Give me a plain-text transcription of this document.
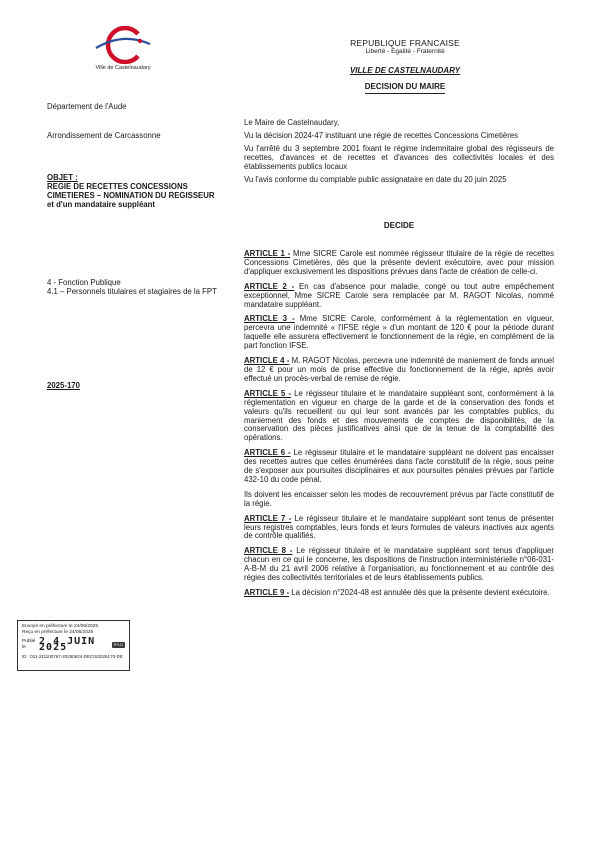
Ville de Castelnaudary
REPUBLIQUE FRANCAISE
Liberté - Egalité - Fraternité
..........
VILLE DE CASTELNAUDARY
DECISION DU MAIRE
Département de l'Aude
Arrondissement de Carcassonne
OBJET :
REGIE DE RECETTES CONCESSIONS CIMETIERES – NOMINATION DU REGISSEUR et d'un mandataire suppléant
4 - Fonction Publique
4.1 – Personnels titulaires et stagiaires de la FPT
2025-170

Le Maire de Castelnaudary,

Vu la décision 2024-47 instituant une régie de recettes Concessions Cimetières

Vu l'arrêté du 3 septembre 2001 fixant le régime indemnitaire global des régisseurs de recettes, d'avances et de recettes et d'avances des collectivités locales et des établissements publics locaux

Vu l'avis conforme du comptable public assignataire en date du 20 juin 2025

DECIDE

ARTICLE 1 - Mme SICRE Carole est nommée régisseur titulaire de la régie de recettes Concessions Cimetières, dès que la présente devient exécutoire, avec pour mission d'appliquer exclusivement les dispositions prévues dans l'acte de création de celle-ci.

ARTICLE 2 - En cas d'absence pour maladie, congé ou tout autre empêchement exceptionnel, Mme SICRE Carole sera remplacée par M. RAGOT Nicolas, nommé mandataire suppléant.

ARTICLE 3 - Mme SICRE Carole, conformément à la réglementation en vigueur, percevra une indemnité « l'IFSE régie » d'un montant de 120 € pour la période durant laquelle elle assurera effectivement le fonctionnement de la régie, en complément de la part fonction IFSE.

ARTICLE 4 - M. RAGOT Nicolas, percevra une indemnité de maniement de fonds annuel de 12 € pour un mois de prise effective du fonctionnement de la régie, après avoir effectué un procès-verbal de remise de régie.

ARTICLE 5 - Le régisseur titulaire et le mandataire suppléant sont, conformément à la réglementation en vigueur en charge de la garde et de la conservation des fonds et valeurs qu'ils recueillent ou qui leur sont avancés par les comptables publics, du maniement des fonds et des mouvements de comptes de disponibilités, de la conservation des pièces justificatives ainsi que de la tenue de la comptabilité des opérations.

ARTICLE 6 - Le régisseur titulaire et le mandataire suppléant ne doivent pas encaisser des recettes autres que celles énumérées dans l'acte constitutif de la régie, sous peine de s'exposer aux poursuites disciplinaires et aux poursuites pénales prévues par l'article 432-10 du code pénal.

Ils doivent les encaisser selon les modes de recouvrement prévus par l'acte constitutif de la régie.

ARTICLE 7 - Le régisseur titulaire et le mandataire suppléant sont tenus de présenter leurs registres comptables, leurs fonds et leurs formules de valeurs inactives aux agents de contrôle qualifiés.

ARTICLE 8 - Le régisseur titulaire et le mandataire suppléant sont tenus d'appliquer chacun en ce qui le concerne, les dispositions de l'instruction interministérielle n°06-031-A-B-M du 21 avril 2006 relative à l'organisation, au fonctionnement et au contrôle des régies des collectivités territoriales et de leurs établissements publics.

ARTICLE 9 - La décision n°2024-48 est annulée dès que la présente devient exécutoire.

Envoyé en préfecture le 24/06/2025
Reçu en préfecture le 24/06/2025
Publié le
2 4 JUIN 2025	S²LO
ID : 011-211100767-20250624-DECIS2025170-DE
